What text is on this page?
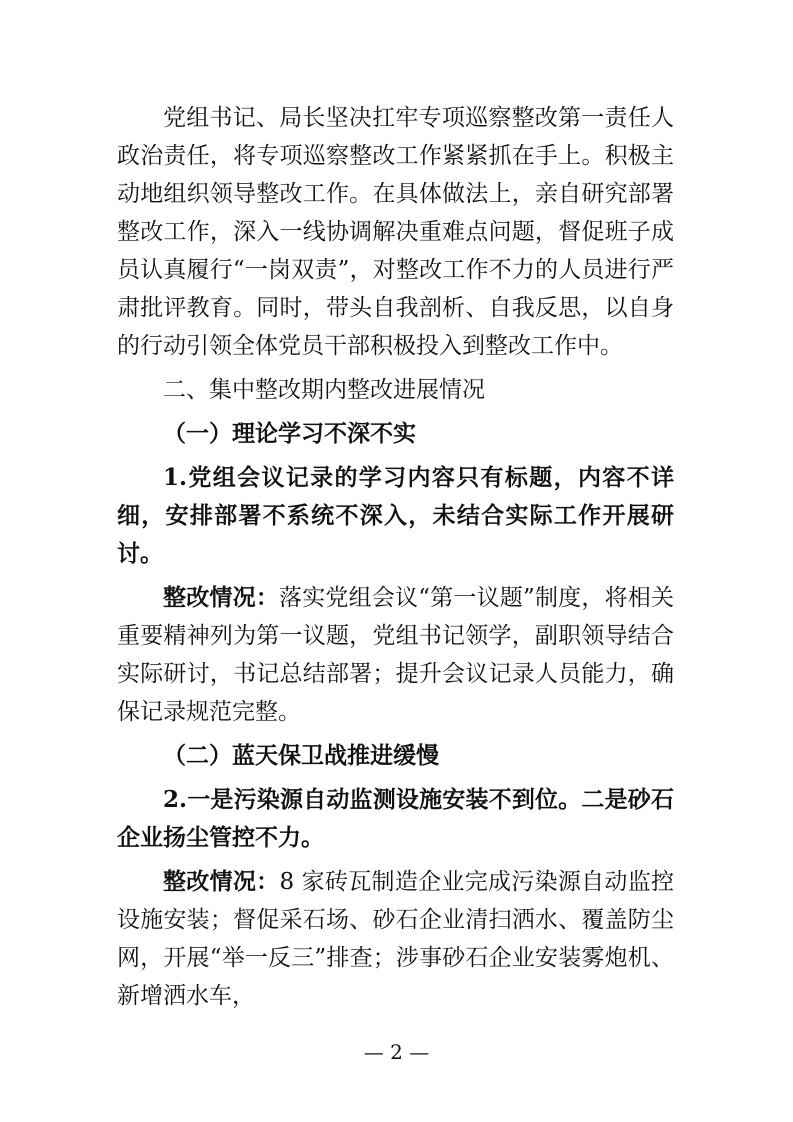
党组书记、局长坚决扛牢专项巡察整改第一责任人政治责任，将专项巡察整改工作紧紧抓在手上。积极主动地组织领导整改工作。在具体做法上，亲自研究部署整改工作，深入一线协调解决重难点问题，督促班子成员认真履行“一岗双责”，对整改工作不力的人员进行严肃批评教育。同时，带头自我剖析、自我反思，以自身的行动引领全体党员干部积极投入到整改工作中。

二、集中整改期内整改进展情况

（一）理论学习不深不实

1.党组会议记录的学习内容只有标题，内容不详细，安排部署不系统不深入，未结合实际工作开展研讨。

整改情况：落实党组会议“第一议题”制度，将相关重要精神列为第一议题，党组书记领学，副职领导结合实际研讨，书记总结部署；提升会议记录人员能力，确保记录规范完整。

（二）蓝天保卫战推进缓慢

2.一是污染源自动监测设施安装不到位。二是砂石企业扬尘管控不力。

整改情况：8 家砖瓦制造企业完成污染源自动监控设施安装；督促采石场、砂石企业清扫洒水、覆盖防尘网，开展“举一反三”排查；涉事砂石企业安装雾炮机、新增洒水车，

— 2 —
